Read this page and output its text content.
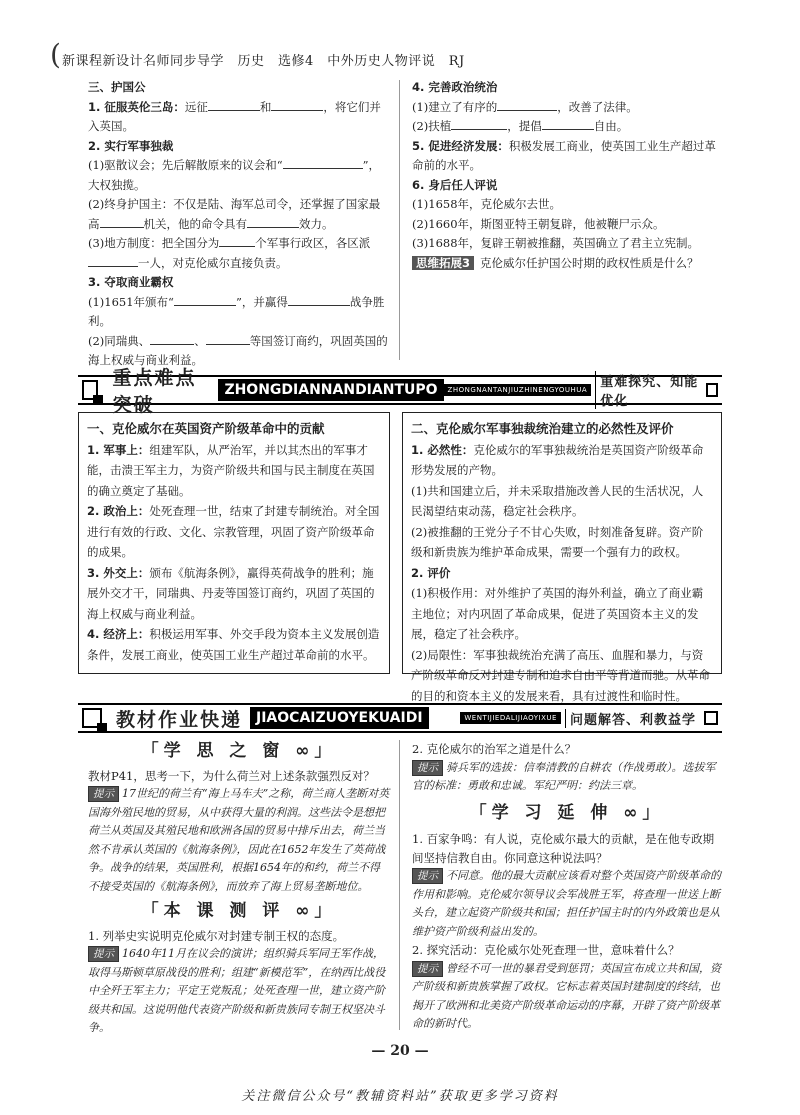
( 新课程新设计名师同步导学　历史　选修4　中外历史人物评说　RJ

三、护国公

1. 征服英伦三岛：远征	和	，将它们并入英国。

2. 实行军事独裁

(1)驱散议会；先后解散原来的议会和“	”，大权独揽。

(2)终身护国主：不仅是陆、海军总司令，还掌握了国家最高	机关，他的命令具有	效力。

(3)地方制度：把全国分为	个军事行政区，各区派一人，对克伦威尔直接负责。

3. 夺取商业霸权

(1)1651年颁布“	”，并赢得	战争胜利。

(2)同瑞典、	、	等国签订商约，巩固英国的海上权威与商业利益。

4. 完善政治统治

(1)建立了有序的	，改善了法律。

(2)扶植	，提倡	自由。

5. 促进经济发展：积极发展工商业，使英国工业生产超过革命前的水平。

6. 身后任人评说

(1)1658年，克伦威尔去世。

(2)1660年，斯图亚特王朝复辟，他被鞭尸示众。

(3)1688年，复辟王朝被推翻，英国确立了君主立宪制。

思维拓展3 克伦威尔任护国公时期的政权性质是什么？

重点难点突破
ZHONGDIANNANDIANTUPO	ZHONGNANTANJIUZHINENGYOUHUA	重难探究、知能优化

一、克伦威尔在英国资产阶级革命中的贡献

1. 军事上：组建军队，从严治军，并以其杰出的军事才能，击溃王军主力，为资产阶级共和国与民主制度在英国的确立奠定了基础。

2. 政治上：处死查理一世，结束了封建专制统治。对全国进行有效的行政、文化、宗教管理，巩固了资产阶级革命的成果。

3. 外交上：颁布《航海条例》，赢得英荷战争的胜利；施展外交才干，同瑞典、丹麦等国签订商约，巩固了英国的海上权威与商业利益。

4. 经济上：积极运用军事、外交手段为资本主义发展创造条件，发展工商业，使英国工业生产超过革命前的水平。

二、克伦威尔军事独裁统治建立的必然性及评价

1. 必然性：克伦威尔的军事独裁统治是英国资产阶级革命形势发展的产物。

(1)共和国建立后，并未采取措施改善人民的生活状况，人民渴望结束动荡，稳定社会秩序。

(2)被推翻的王党分子不甘心失败，时刻准备复辟。资产阶级和新贵族为维护革命成果，需要一个强有力的政权。

2. 评价

(1)积极作用：对外维护了英国的海外利益，确立了商业霸主地位；对内巩固了革命成果，促进了英国资本主义的发展，稳定了社会秩序。

(2)局限性：军事独裁统治充满了高压、血腥和暴力，与资产阶级革命反对封建专制和追求自由平等背道而驰。从革命的目的和资本主义的发展来看，具有过渡性和临时性。

教材作业快递	JIAOCAIZUOYEKUAIDI	WENTIJIEDALIJIAOYIXUE	问题解答、利教益学

「学 思 之 窗 ∞」

教材P41，思考一下，为什么荷兰对上述条款强烈反对？

提示 17世纪的荷兰有“海上马车夫”之称，荷兰商人垄断对英国海外殖民地的贸易，从中获得大量的利润。这些法令是想把荷兰从英国及其殖民地和欧洲各国的贸易中排斥出去，荷兰当然不肯承认英国的《航海条例》，因此在1652年发生了英荷战争。战争的结果，英国胜利，根据1654年的和约，荷兰不得不接受英国的《航海条例》，而放弃了海上贸易垄断地位。

「本 课 测 评 ∞」

1. 列举史实说明克伦威尔对封建专制王权的态度。

提示 1640年11月在议会的演讲；组织骑兵军同王军作战，取得马斯顿草原战役的胜利；组建“新模范军”，在纳西比战役中全歼王军主力；平定王党叛乱；处死查理一世，建立资产阶级共和国。这说明他代表资产阶级和新贵族同专制王权坚决斗争。

2. 克伦威尔的治军之道是什么？

提示 骑兵军的选拔：信奉清教的自耕农（作战勇敢）。选拔军官的标准：勇敢和忠诚。军纪严明：约法三章。

「学 习 延 伸 ∞」

1. 百家争鸣：有人说，克伦威尔最大的贡献，是在他专政期间坚持信教自由。你同意这种说法吗？

提示 不同意。他的最大贡献应该看对整个英国资产阶级革命的作用和影响。克伦威尔领导议会军战胜王军，将查理一世送上断头台，建立起资产阶级共和国；担任护国主时的内外政策也是从维护资产阶级利益出发的。

2. 探究活动：克伦威尔处死查理一世，意味着什么？

提示 曾经不可一世的暴君受到惩罚；英国宣布成立共和国，资产阶级和新贵族掌握了政权。它标志着英国封建制度的终结，也揭开了欧洲和北美资产阶级革命运动的序幕，开辟了资产阶级革命的新时代。

— 20 —
关注微信公众号“教辅资料站”获取更多学习资料
